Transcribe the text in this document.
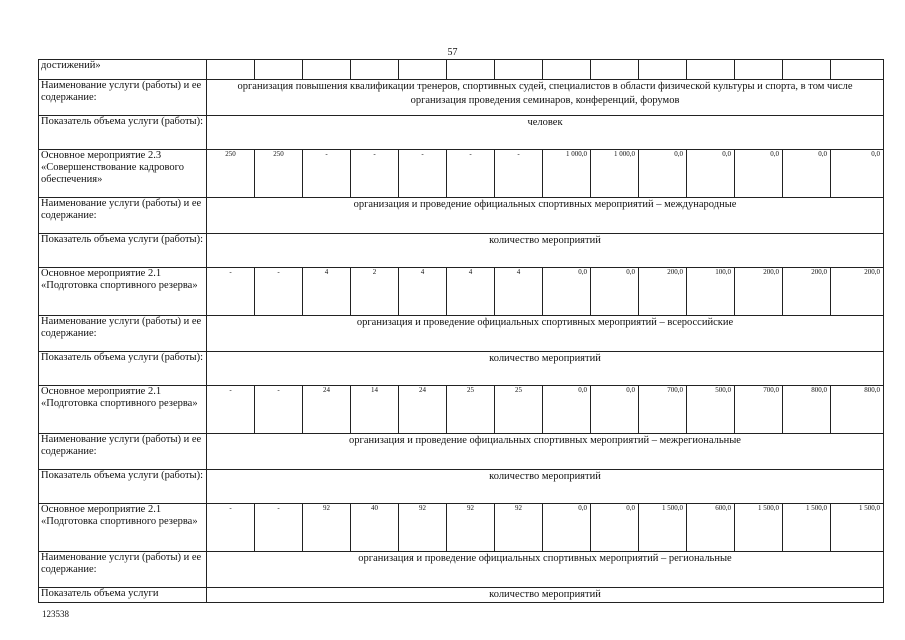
57
достижений»															
Наименование услуги (работы) и ее содержание:	организация повышения квалификации тренеров, спортивных судей, специалистов в области физической культуры и спорта, в том числе организация проведения семинаров, конференций, форумов														
Показатель объема услуги (работы):	человек														
Основное мероприятие 2.3 «Совершенствование кадрового обеспечения»	250	250	-	-	-	-	-	1 000,0	1 000,0	0,0	0,0	0,0	0,0	0,0	
Наименование услуги (работы) и ее содержание:	организация и проведение официальных спортивных мероприятий – международные														
Показатель объема услуги (работы):	количество мероприятий														
Основное мероприятие 2.1 «Подготовка спортивного резерва»	-	-	4	2	4	4	4	0,0	0,0	200,0	100,0	200,0	200,0	200,0	
Наименование услуги (работы) и ее содержание:	организация и проведение официальных спортивных мероприятий – всероссийские														
Показатель объема услуги (работы):	количество мероприятий														
Основное мероприятие 2.1 «Подготовка спортивного резерва»	-	-	24	14	24	25	25	0,0	0,0	700,0	500,0	700,0	800,0	800,0	
Наименование услуги (работы) и ее содержание:	организация и проведение официальных спортивных мероприятий – межрегиональные														
Показатель объема услуги (работы):	количество мероприятий														
Основное мероприятие 2.1 «Подготовка спортивного резерва»	-	-	92	40	92	92	92	0,0	0,0	1 500,0	600,0	1 500,0	1 500,0	1 500,0	
Наименование услуги (работы) и ее содержание:	организация и проведение официальных спортивных мероприятий – региональные														
Показатель объема услуги	количество мероприятий														
123538
